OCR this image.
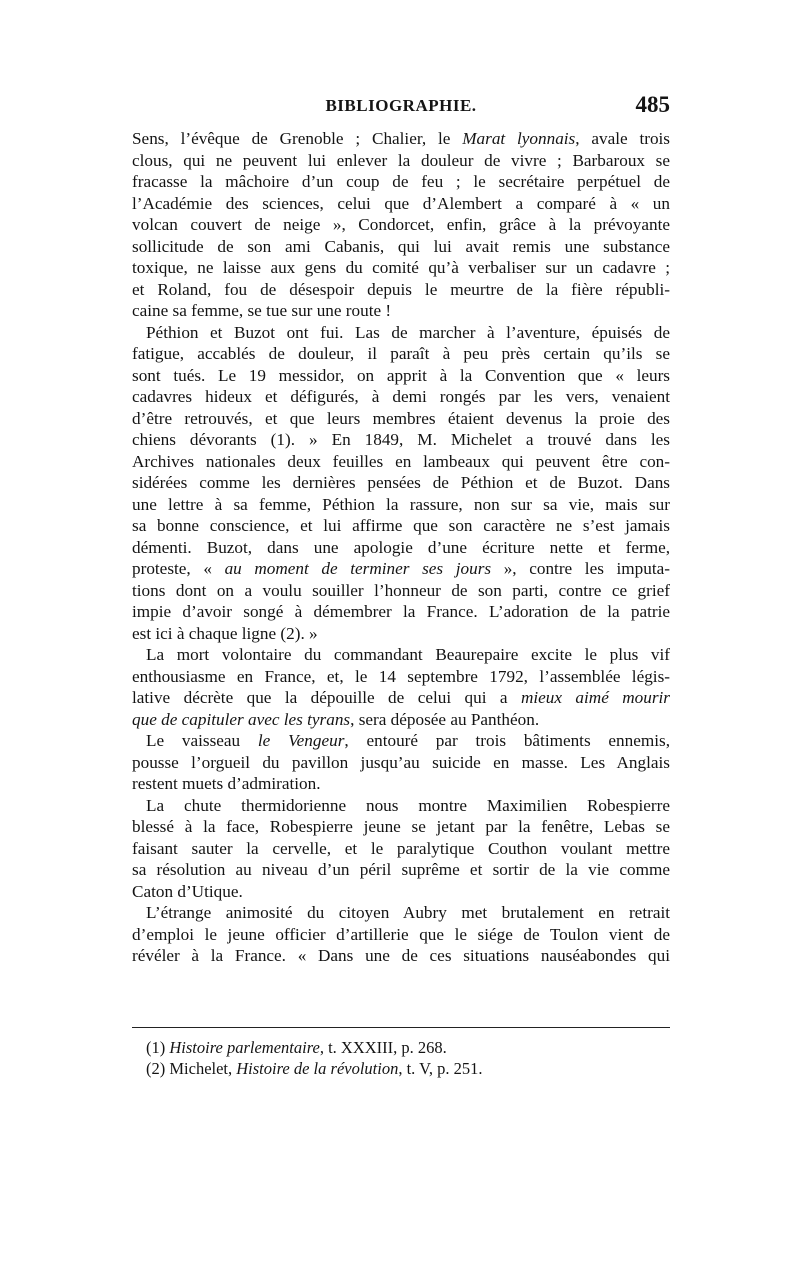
BIBLIOGRAPHIE.	485
Sens, l’évêque de Grenoble ; Chalier, le Marat lyonnais, avale trois
clous, qui ne peuvent lui enlever la douleur de vivre ; Barbaroux se
fracasse la mâchoire d’un coup de feu ; le secrétaire perpétuel de
l’Académie des sciences, celui que d’Alembert a comparé à « un
volcan couvert de neige », Condorcet, enfin, grâce à la prévoyante
sollicitude de son ami Cabanis, qui lui avait remis une substance
toxique, ne laisse aux gens du comité qu’à verbaliser sur un cadavre ;
et Roland, fou de désespoir depuis le meurtre de la fière républi-
caine sa femme, se tue sur une route !
Péthion et Buzot ont fui. Las de marcher à l’aventure, épuisés de
fatigue, accablés de douleur, il paraît à peu près certain qu’ils se
sont tués. Le 19 messidor, on apprit à la Convention que « leurs
cadavres hideux et défigurés, à demi rongés par les vers, venaient
d’être retrouvés, et que leurs membres étaient devenus la proie des
chiens dévorants (1). » En 1849, M. Michelet a trouvé dans les
Archives nationales deux feuilles en lambeaux qui peuvent être con-
sidérées comme les dernières pensées de Péthion et de Buzot. Dans
une lettre à sa femme, Péthion la rassure, non sur sa vie, mais sur
sa bonne conscience, et lui affirme que son caractère ne s’est jamais
démenti. Buzot, dans une apologie d’une écriture nette et ferme,
proteste, « au moment de terminer ses jours », contre les imputa-
tions dont on a voulu souiller l’honneur de son parti, contre ce grief
impie d’avoir songé à démembrer la France. L’adoration de la patrie
est ici à chaque ligne (2). »
La mort volontaire du commandant Beaurepaire excite le plus vif
enthousiasme en France, et, le 14 septembre 1792, l’assemblée légis-
lative décrète que la dépouille de celui qui a mieux aimé mourir
que de capituler avec les tyrans, sera déposée au Panthéon.
Le vaisseau le Vengeur, entouré par trois bâtiments ennemis,
pousse l’orgueil du pavillon jusqu’au suicide en masse. Les Anglais
restent muets d’admiration.
La chute thermidorienne nous montre Maximilien Robespierre
blessé à la face, Robespierre jeune se jetant par la fenêtre, Lebas se
faisant sauter la cervelle, et le paralytique Couthon voulant mettre
sa résolution au niveau d’un péril suprême et sortir de la vie comme
Caton d’Utique.
L’étrange animosité du citoyen Aubry met brutalement en retrait
d’emploi le jeune officier d’artillerie que le siége de Toulon vient de
révéler à la France. « Dans une de ces situations nauséabondes qui
(1) Histoire parlementaire, t. XXXIII, p. 268.
(2) Michelet, Histoire de la révolution, t. V, p. 251.
